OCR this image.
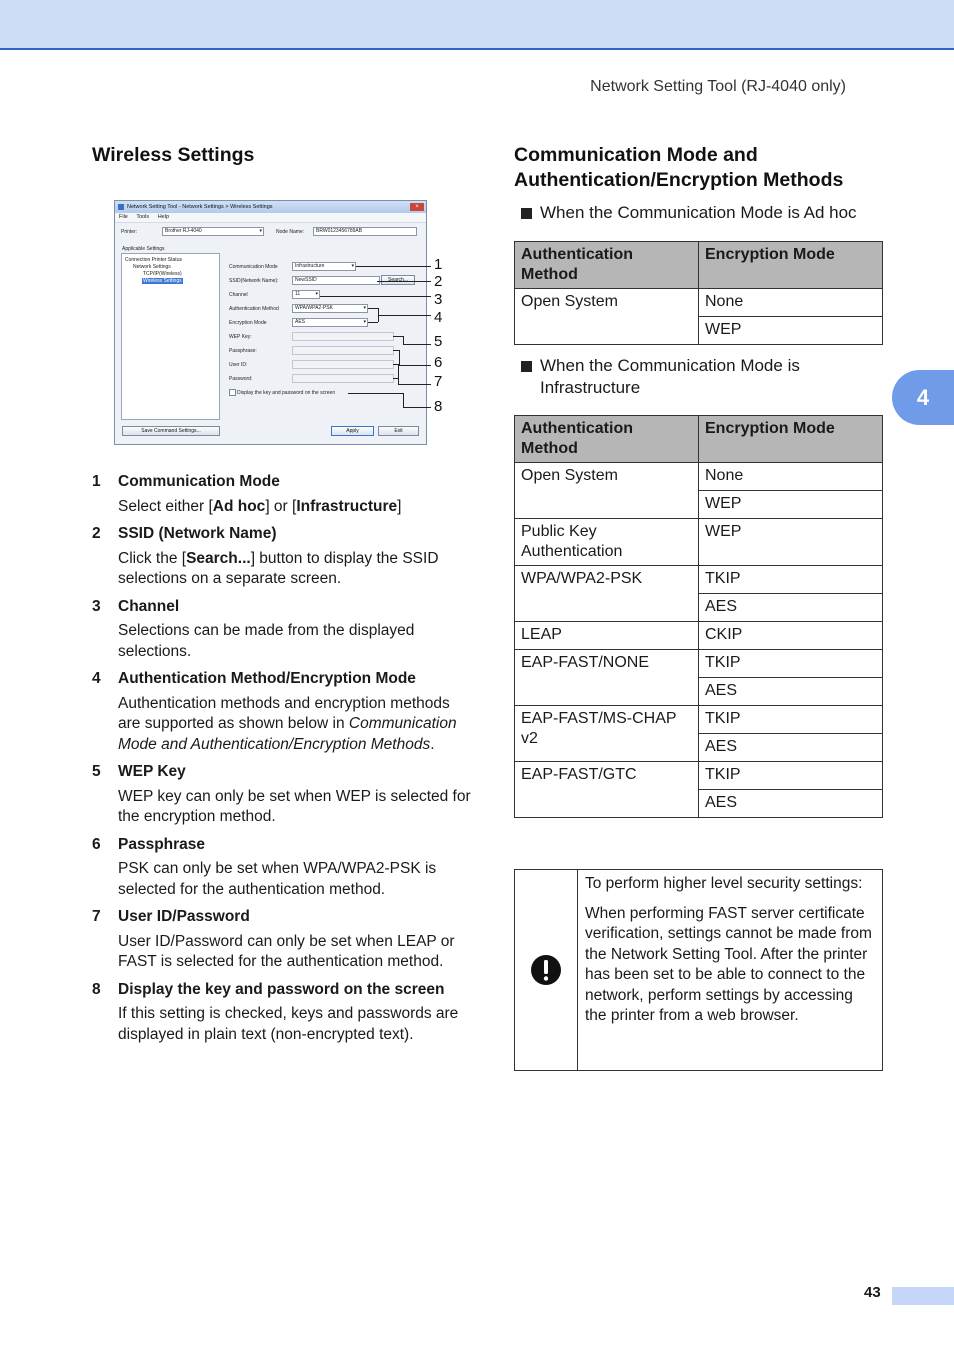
Network Setting Tool (RJ-4040 only)
4
Wireless Settings
Network Setting Tool - Network Settings > Wireless Settings	×
File Tools Help
Printer:	Brother RJ-4040 ▾	Node Name:	BRW0123456789AB
Applicable Settings
Connection Printer Status
Network Settings
TCP/IP(Wireless)
Wireless Settings
Communication Mode	Infrastructure ▾
SSID(Network Name):	NewSSID	Search...
Channel	11 ▾
Authentication Method	WPA/WPA2-PSK ▾
Encryption Mode	AES ▾
WEP Key:
Passphrase:
User ID:
Password:
Display the key and password on the screen
Save Command Settings...	Apply	Exit
1
2
3
4
5
6
7
8
1 Communication Mode
Select either [Ad hoc] or [Infrastructure]
2 SSID (Network Name)
Click the [Search...] button to display the SSID selections on a separate screen.
3 Channel
Selections can be made from the displayed selections.
4 Authentication Method/Encryption Mode
Authentication methods and encryption methods are supported as shown below in Communication Mode and Authentication/Encryption Methods.
5 WEP Key
WEP key can only be set when WEP is selected for the encryption method.
6 Passphrase
PSK can only be set when WPA/WPA2-PSK is selected for the authentication method.
7 User ID/Password
User ID/Password can only be set when LEAP or FAST is selected for the authentication method.
8 Display the key and password on the screen
If this setting is checked, keys and passwords are displayed in plain text (non-encrypted text).
Communication Mode and Authentication/Encryption Methods
When the Communication Mode is Ad hoc
Authentication Method	Encryption Mode
Open System	None
	WEP
When the Communication Mode is Infrastructure
Authentication Method	Encryption Mode
Open System	None
	WEP
Public Key Authentication	WEP
WPA/WPA2-PSK	TKIP
	AES
LEAP	CKIP
EAP-FAST/NONE	TKIP
	AES
EAP-FAST/MS-CHAP v2	TKIP
	AES
EAP-FAST/GTC	TKIP
	AES

To perform higher level security settings:

When performing FAST server certificate verification, settings cannot be made from the Network Setting Tool. After the printer has been set to be able to connect to the network, perform settings by accessing the printer from a web browser.

43
